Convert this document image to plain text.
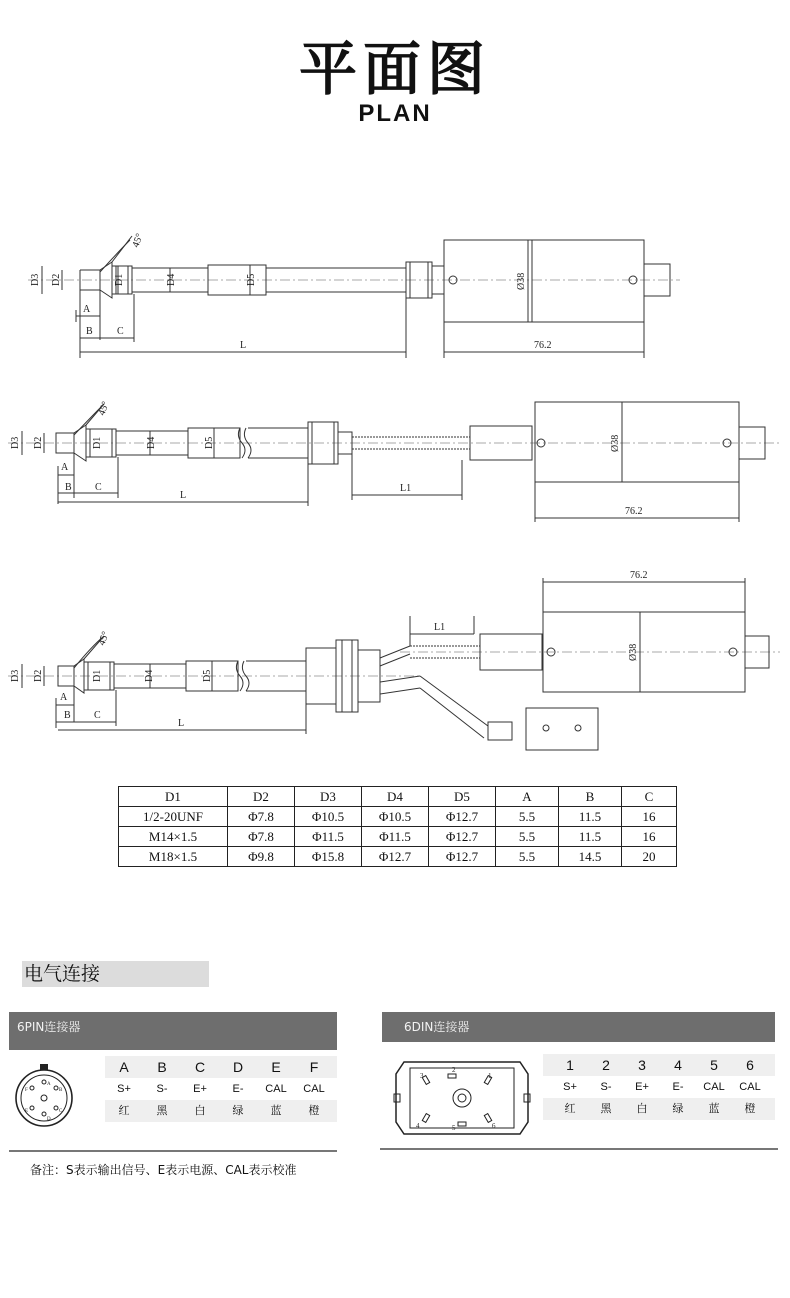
平面图
PLAN
D3 D2	D1	D4	D5	Ø38
45°
A
B C
L	76.2
D3 D2	D1	D4	D5	Ø38
45°
A
B C
L
L1
76.2
D3 D2	D1	D4	D5
Ø38
45°
A
B C
L
L1
76.2
D1	D2	D3	D4	D5	A	B	C
1/2-20UNF	Φ7.8	Φ10.5	Φ10.5	Φ12.7	5.5	11.5	16
M14×1.5	Φ7.8	Φ11.5	Φ11.5	Φ12.7	5.5	11.5	16
M18×1.5	Φ9.8	Φ15.8	Φ12.7	Φ12.7	5.5	14.5	20
电气连接
6PIN连接器
A
B
C
D
E
F
A	B	C	D	E	F
S+	S-	E+	E-	CAL	CAL
红	黑	白	绿	蓝	橙
6DIN连接器
1
2
3
4	5	6
1	2	3	4	5	6
S+	S-	E+	E-	CAL	CAL
红	黑	白	绿	蓝	橙
备注：S表示输出信号、E表示电源、CAL表示校准
